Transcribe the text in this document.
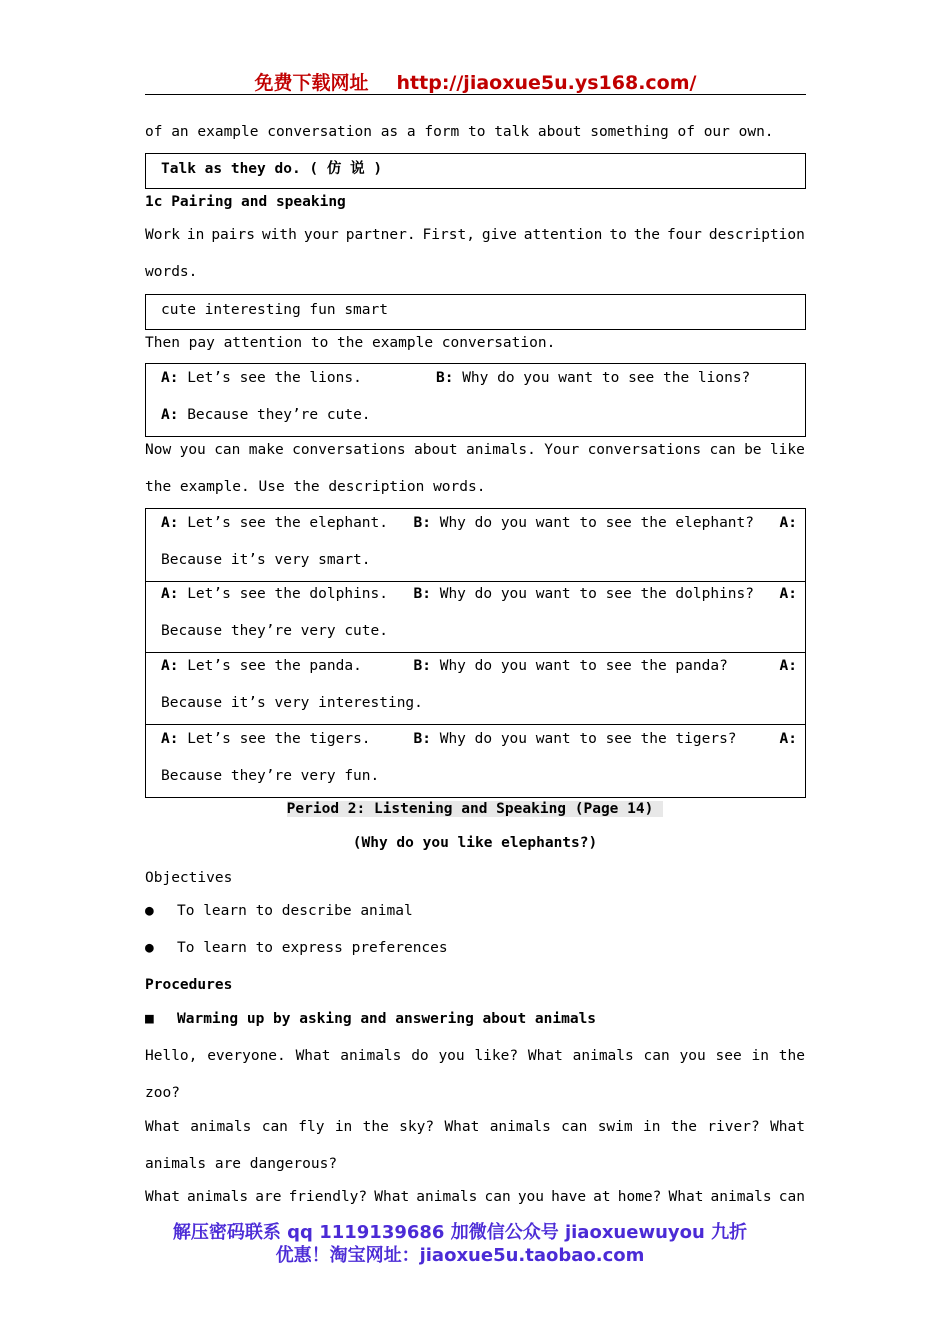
免费下载网址 http://jiaoxue5u.ys168.com/
of an example conversation as a form to talk about something of our own.
Talk as they do. ( 仿 说 )
1c Pairing and speaking
Work in pairs with your partner. First, give attention to the four description
words.
cute interesting fun smart
Then pay attention to the example conversation.
A: Let’s see the lions.	B: Why do you want to see the lions?
A: Because they’re cute.
Now you can make conversations about animals. Your conversations can be like
the example. Use the description words.
A: Let’s see the elephant. B: Why do you want to see the elephant? A:
Because it’s very smart.
A: Let’s see the dolphins. B: Why do you want to see the dolphins? A:
Because they’re very cute.
A: Let’s see the panda.	B: Why do you want to see the panda?	A:
Because it’s very interesting.
A: Let’s see the tigers.	B: Why do you want to see the tigers?	A:
Because they’re very fun.
Period 2: Listening and Speaking (Page 14)
(Why do you like elephants?)
Objectives
● To learn to describe animal
● To learn to express preferences
Procedures
■ Warming up by asking and answering about animals
Hello, everyone. What animals do you like? What animals can you see in the
zoo?
What animals can fly in the sky? What animals can swim in the river? What
animals are dangerous?
What animals are friendly? What animals can you have at home? What animals can
解压密码联系 qq 1119139686 加微信公众号 jiaoxuewuyou 九折
优惠！淘宝网址：jiaoxue5u.taobao.com
